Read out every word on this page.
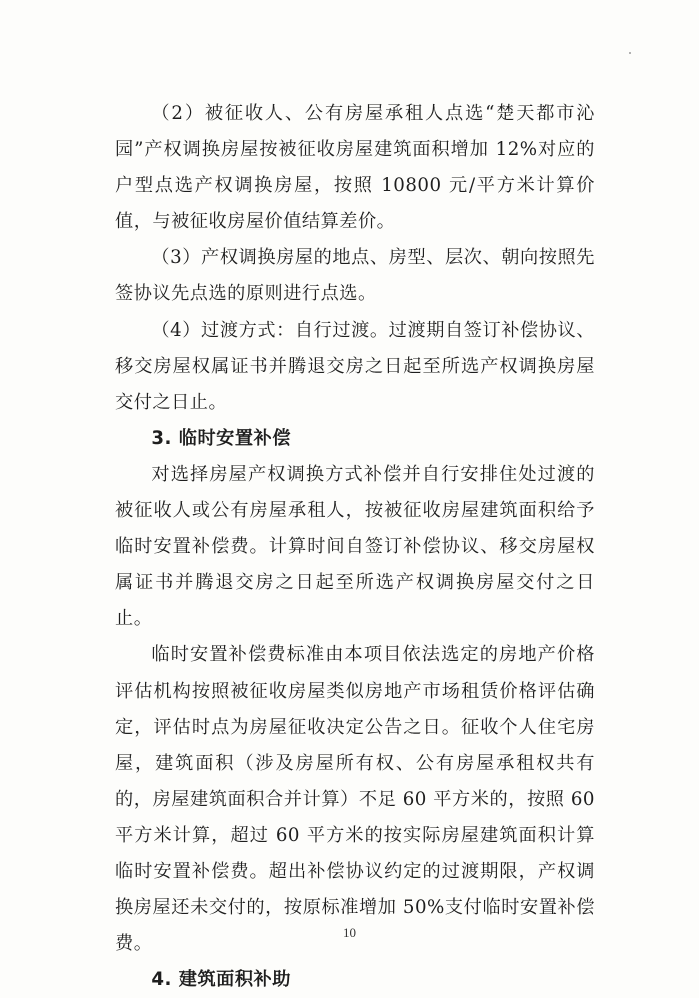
（2）被征收人、公有房屋承租人点选“楚天都市沁园”产权调换房屋按被征收房屋建筑面积增加 12%对应的户型点选产权调换房屋，按照 10800 元/平方米计算价值，与被征收房屋价值结算差价。

（3）产权调换房屋的地点、房型、层次、朝向按照先签协议先点选的原则进行点选。

（4）过渡方式：自行过渡。过渡期自签订补偿协议、移交房屋权属证书并腾退交房之日起至所选产权调换房屋交付之日止。

3. 临时安置补偿

对选择房屋产权调换方式补偿并自行安排住处过渡的被征收人或公有房屋承租人，按被征收房屋建筑面积给予临时安置补偿费。计算时间自签订补偿协议、移交房屋权属证书并腾退交房之日起至所选产权调换房屋交付之日止。

临时安置补偿费标准由本项目依法选定的房地产价格评估机构按照被征收房屋类似房地产市场租赁价格评估确定，评估时点为房屋征收决定公告之日。征收个人住宅房屋，建筑面积（涉及房屋所有权、公有房屋承租权共有的，房屋建筑面积合并计算）不足 60 平方米的，按照 60 平方米计算，超过 60 平方米的按实际房屋建筑面积计算临时安置补偿费。超出补偿协议约定的过渡期限，产权调换房屋还未交付的，按原标准增加 50%支付临时安置补偿费。

4. 建筑面积补助
10
